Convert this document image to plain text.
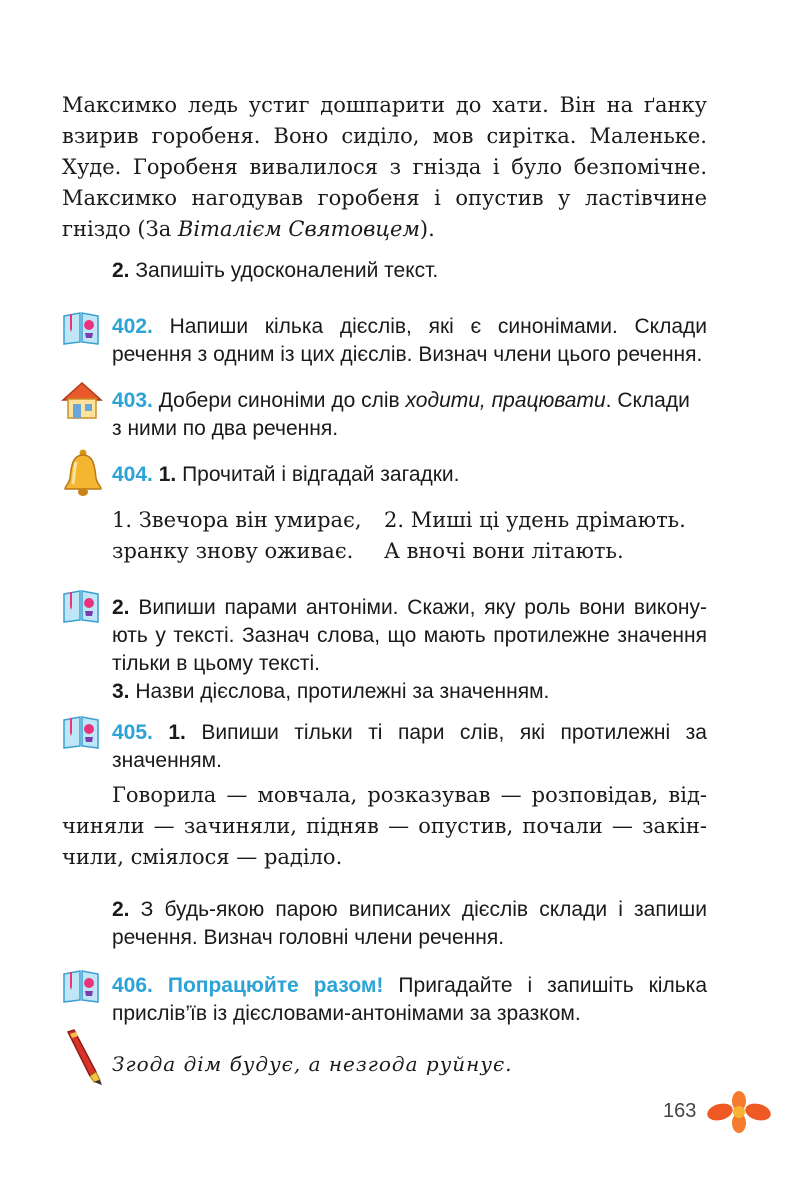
Максимко ледь устиг дошпарити до хати. Він на ґанку

взирив горобеня. Воно сиділо, мов сирітка. Маленьке.

Худе. Горобеня вивалилося з гнізда і було безпомічне.

Максимко нагодував горобеня і опустив у ластівчине

гніздо (За Віталієм Святовцем).

2. Запишіть удосконалений текст.

402. Напиши кілька дієслів, які є синонімами. Склади

речення з одним із цих дієслів. Визнач члени цього речення.

403. Добери синоніми до слів ходити, працювати. Склади

з ними по два речення.

404. 1. Прочитай і відгадай загадки.

1. Звечора він умирає,

зранку знову оживає.

2. Миші ці удень дрімають.

А вночі вони літають.

2. Випиши парами антоніми. Скажи, яку роль вони викону-

ють у тексті. Зазнач слова, що мають протилежне значення

тільки в цьому тексті.

3. Назви дієслова, протилежні за значенням.

405. 1. Випиши тільки ті пари слів, які протилежні за

значенням.

Говорила — мовчала, розказував — розповідав, від-

чиняли — зачиняли, підняв — опустив, почали — закін-

чили, сміялося — раділо.

2. З будь-якою парою виписаних дієслів склади і запиши

речення. Визнач головні члени речення.

406. Попрацюйте разом! Пригадайте і запишіть кілька

прислів’їв із дієсловами-антонімами за зразком.

Згода дім будує, а незгода руйнує.
163
